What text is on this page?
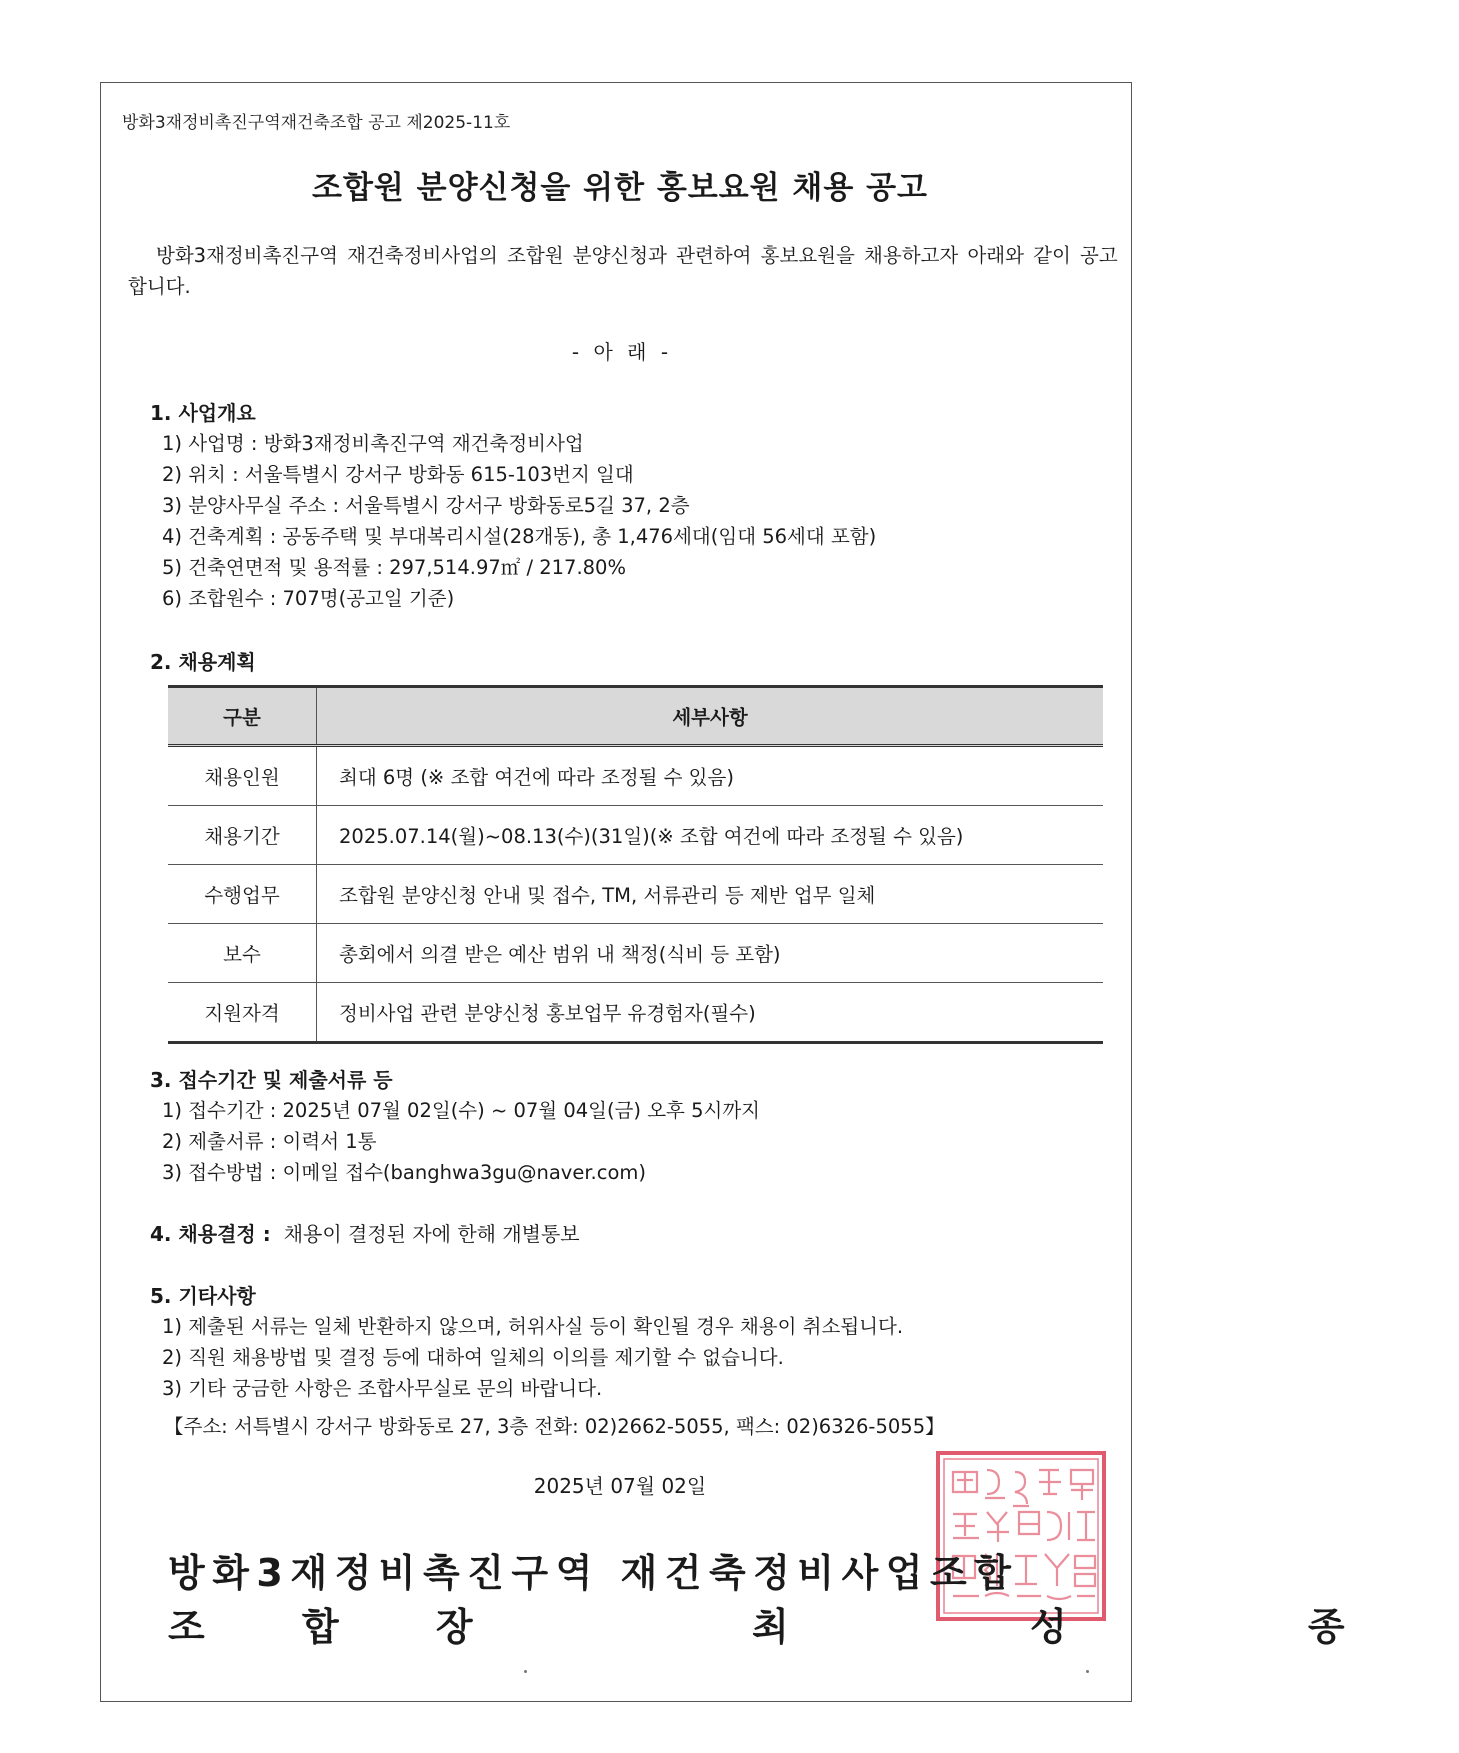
방화3재정비촉진구역재건축조합 공고 제2025-11호
조합원 분양신청을 위한 홍보요원 채용 공고
방화3재정비촉진구역 재건축정비사업의 조합원 분양신청과 관련하여 홍보요원을 채용하고자 아래와 같이 공고합니다.
- 아 래 -
1. 사업개요
1) 사업명 : 방화3재정비촉진구역 재건축정비사업
2) 위치 : 서울특별시 강서구 방화동 615-103번지 일대
3) 분양사무실 주소 : 서울특별시 강서구 방화동로5길 37, 2층
4) 건축계획 : 공동주택 및 부대복리시설(28개동), 총 1,476세대(임대 56세대 포함)
5) 건축연면적 및 용적률 : 297,514.97㎡ / 217.80%
6) 조합원수 : 707명(공고일 기준)
2. 채용계획
구분	세부사항
채용인원	최대 6명 (※ 조합 여건에 따라 조정될 수 있음)
채용기간	2025.07.14(월)~08.13(수)(31일)(※ 조합 여건에 따라 조정될 수 있음)
수행업무	조합원 분양신청 안내 및 접수, TM, 서류관리 등 제반 업무 일체
보수	총회에서 의결 받은 예산 범위 내 책정(식비 등 포함)
지원자격	정비사업 관련 분양신청 홍보업무 유경험자(필수)
3. 접수기간 및 제출서류 등
1) 접수기간 : 2025년 07월 02일(수) ~ 07월 04일(금) 오후 5시까지
2) 제출서류 : 이력서 1통
3) 접수방법 : 이메일 접수(banghwa3gu@naver.com)
4. 채용결정 : 채용이 결정된 자에 한해 개별통보
5. 기타사항
1) 제출된 서류는 일체 반환하지 않으며, 허위사실 등이 확인될 경우 채용이 취소됩니다.
2) 직원 채용방법 및 결정 등에 대하여 일체의 이의를 제기할 수 없습니다.
3) 기타 궁금한 사항은 조합사무실로 문의 바랍니다.
【주소: 서특별시 강서구 방화동로 27, 3층 전화: 02)2662-5055, 팩스: 02)6326-5055】
2025년 07월 02일
방화3재정비촉진구역 재건축정비사업조합
조 합 장	최 성 종
